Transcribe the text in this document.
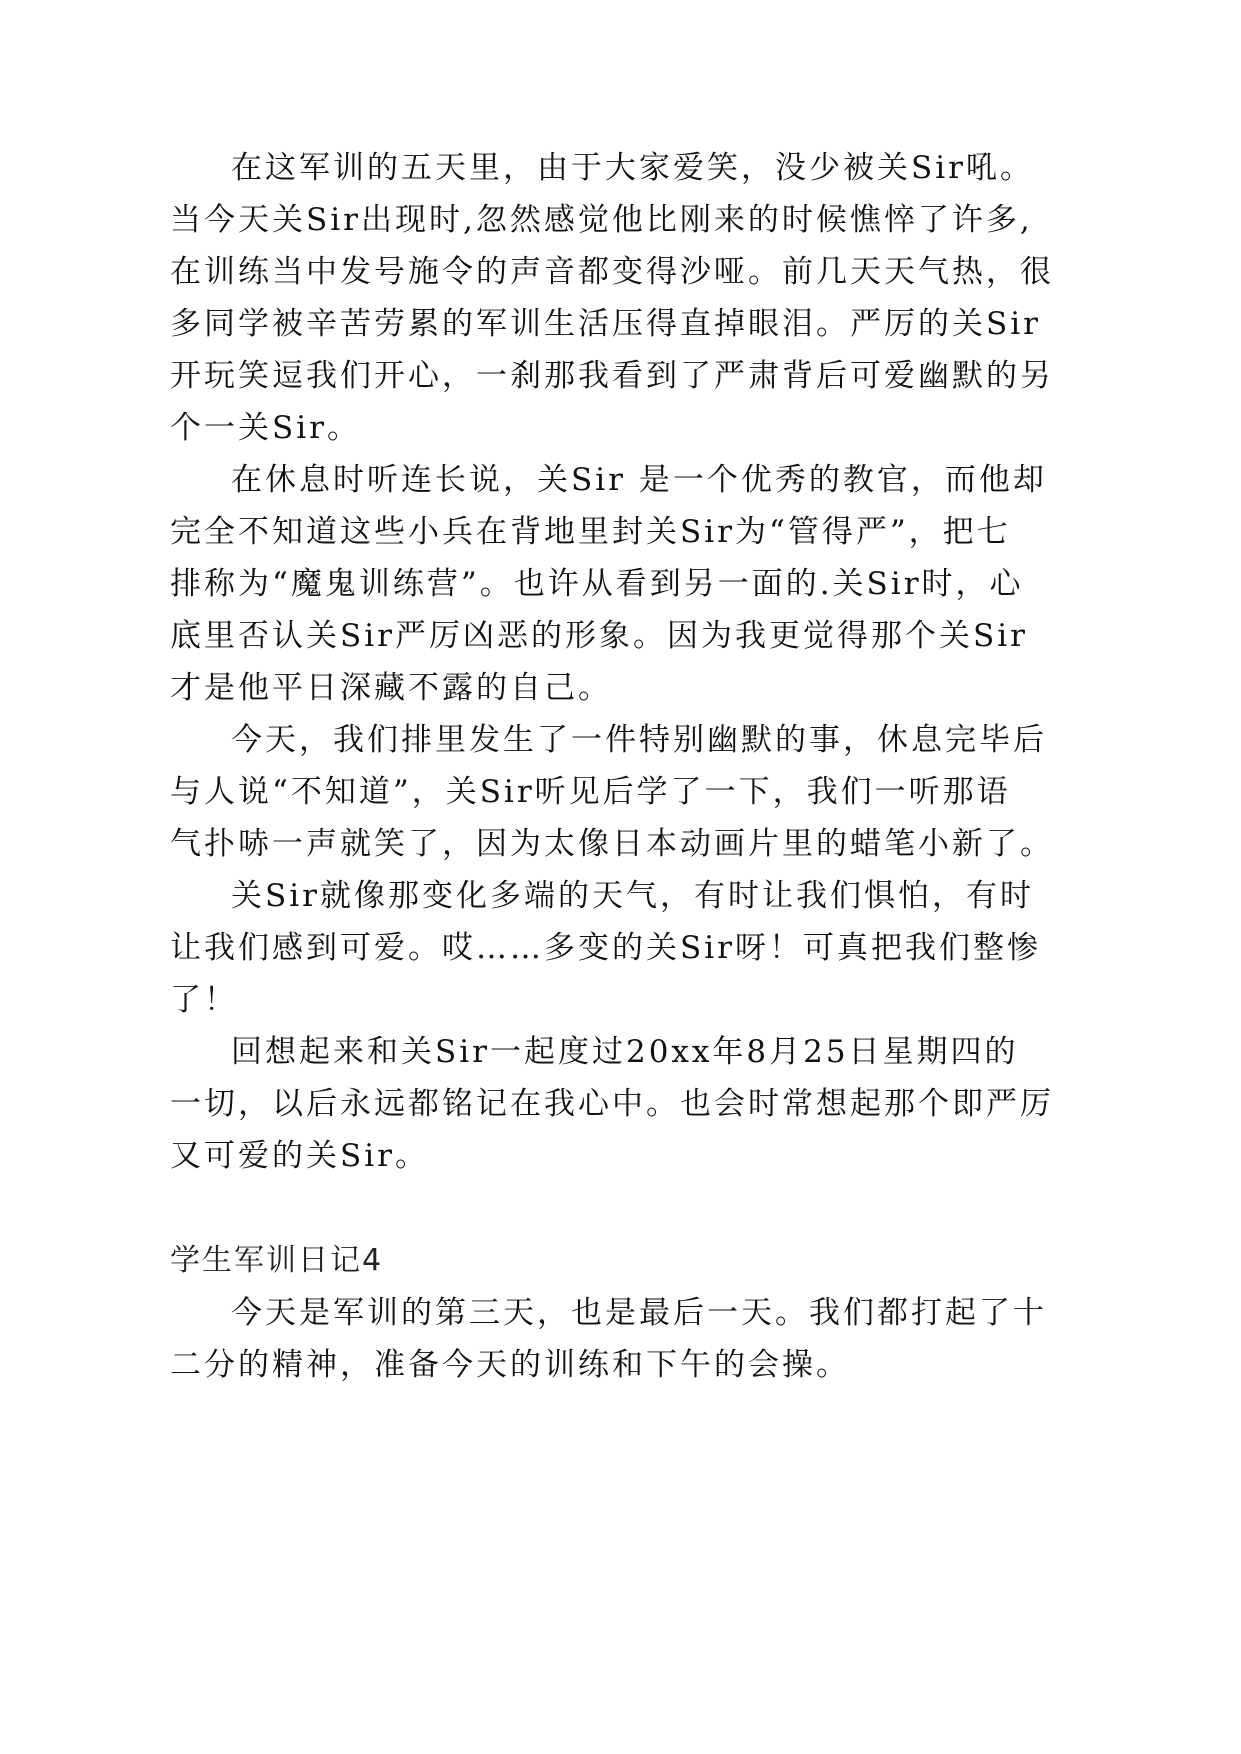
在这军训的五天里，由于大家爱笑，没少被关Sir吼。
当今天关Sir出现时,忽然感觉他比刚来的时候憔悴了许多,
在训练当中发号施令的声音都变得沙哑。前几天天气热，很
多同学被辛苦劳累的军训生活压得直掉眼泪。严厉的关Sir
开玩笑逗我们开心，一刹那我看到了严肃背后可爱幽默的另
个一关Sir。
在休息时听连长说，关Sir 是一个优秀的教官，而他却
完全不知道这些小兵在背地里封关Sir为“管得严”，把七
排称为“魔鬼训练营”。也许从看到另一面的.关Sir时，心
底里否认关Sir严厉凶恶的形象。因为我更觉得那个关Sir
才是他平日深藏不露的自己。
今天，我们排里发生了一件特别幽默的事，休息完毕后
与人说“不知道”，关Sir听见后学了一下，我们一听那语
气扑哧一声就笑了，因为太像日本动画片里的蜡笔小新了。
关Sir就像那变化多端的天气，有时让我们惧怕，有时
让我们感到可爱。哎……多变的关Sir呀！可真把我们整惨
了！
回想起来和关Sir一起度过20xx年8月25日星期四的
一切，以后永远都铭记在我心中。也会时常想起那个即严厉
又可爱的关Sir。
学生军训日记4
今天是军训的第三天，也是最后一天。我们都打起了十
二分的精神，准备今天的训练和下午的会操。
